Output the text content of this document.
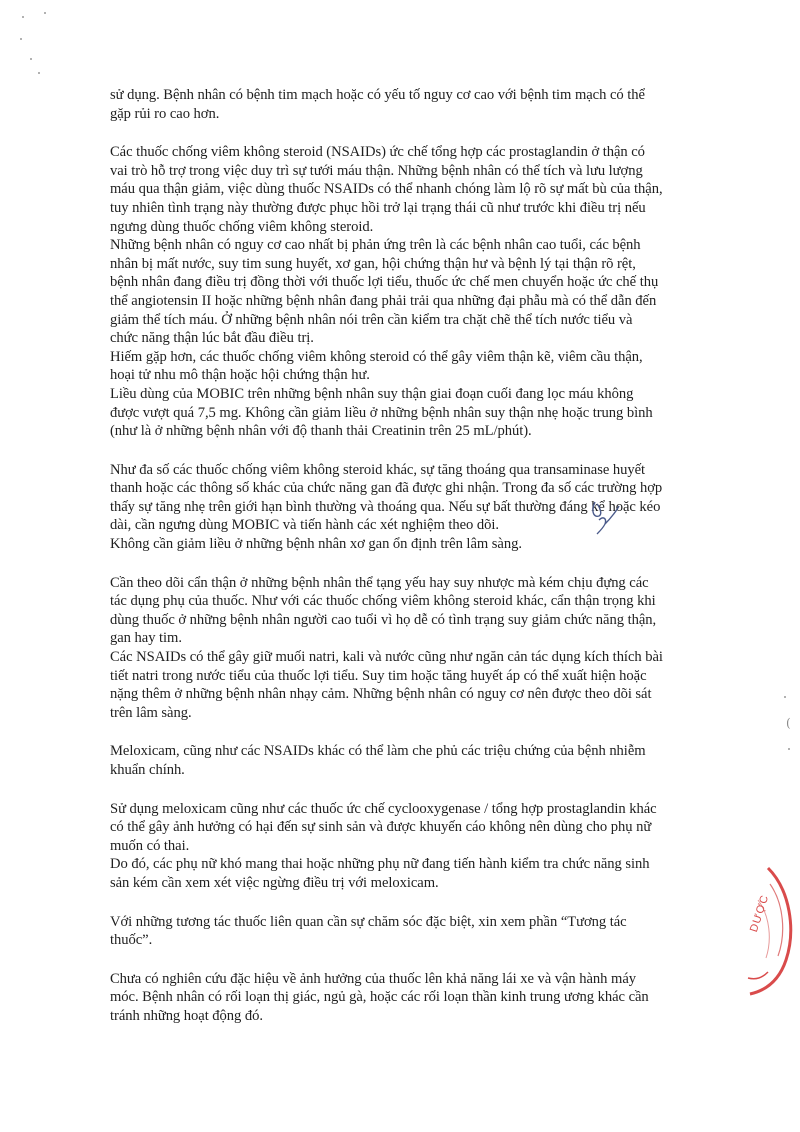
sử dụng. Bệnh nhân có bệnh tim mạch hoặc có yếu tố nguy cơ cao với bệnh tim mạch có thể
gặp rủi ro cao hơn.

Các thuốc chống viêm không steroid (NSAIDs) ức chế tổng hợp các prostaglandin ở thận có
vai trò hỗ trợ trong việc duy trì sự tưới máu thận. Những bệnh nhân có thể tích và lưu lượng
máu qua thận giảm, việc dùng thuốc NSAIDs có thể nhanh chóng làm lộ rõ sự mất bù của thận,
tuy nhiên tình trạng này thường được phục hồi trở lại trạng thái cũ như trước khi điều trị nếu
ngưng dùng thuốc chống viêm không steroid.
Những bệnh nhân có nguy cơ cao nhất bị phản ứng trên là các bệnh nhân cao tuổi, các bệnh
nhân bị mất nước, suy tim sung huyết, xơ gan, hội chứng thận hư và bệnh lý tại thận rõ rệt,
bệnh nhân đang điều trị đồng thời với thuốc lợi tiểu, thuốc ức chế men chuyển hoặc ức chế thụ
thể angiotensin II hoặc những bệnh nhân đang phải trải qua những đại phẫu mà có thể dẫn đến
giảm thể tích máu. Ở những bệnh nhân nói trên cần kiểm tra chặt chẽ thể tích nước tiểu và
chức năng thận lúc bắt đầu điều trị.
Hiếm gặp hơn, các thuốc chống viêm không steroid có thể gây viêm thận kẽ, viêm cầu thận,
hoại tử nhu mô thận hoặc hội chứng thận hư.
Liều dùng của MOBIC trên những bệnh nhân suy thận giai đoạn cuối đang lọc máu không
được vượt quá 7,5 mg. Không cần giảm liều ở những bệnh nhân suy thận nhẹ hoặc trung bình
(như là ở những bệnh nhân với độ thanh thải Creatinin trên 25 mL/phút).

Như đa số các thuốc chống viêm không steroid khác, sự tăng thoáng qua transaminase huyết
thanh hoặc các thông số khác của chức năng gan đã được ghi nhận. Trong đa số các trường hợp
thấy sự tăng nhẹ trên giới hạn bình thường và thoáng qua. Nếu sự bất thường đáng kể hoặc kéo
dài, cần ngưng dùng MOBIC và tiến hành các xét nghiệm theo dõi.
Không cần giảm liều ở những bệnh nhân xơ gan ổn định trên lâm sàng.

Cần theo dõi cẩn thận ở những bệnh nhân thể tạng yếu hay suy nhược mà kém chịu đựng các
tác dụng phụ của thuốc. Như với các thuốc chống viêm không steroid khác, cẩn thận trọng khi
dùng thuốc ở những bệnh nhân người cao tuổi vì họ dễ có tình trạng suy giảm chức năng thận,
gan hay tim.
Các NSAIDs có thể gây giữ muối natri, kali và nước cũng như ngăn cản tác dụng kích thích bài
tiết natri trong nước tiểu của thuốc lợi tiểu. Suy tim hoặc tăng huyết áp có thể xuất hiện hoặc
nặng thêm ở những bệnh nhân nhạy cảm. Những bệnh nhân có nguy cơ nên được theo dõi sát
trên lâm sàng.

Meloxicam, cũng như các NSAIDs khác có thể làm che phủ các triệu chứng của bệnh nhiễm
khuẩn chính.

Sử dụng meloxicam cũng như các thuốc ức chế cyclooxygenase / tổng hợp prostaglandin khác
có thể gây ảnh hưởng có hại đến sự sinh sản và được khuyến cáo không nên dùng cho phụ nữ
muốn có thai.
Do đó, các phụ nữ khó mang thai hoặc những phụ nữ đang tiến hành kiểm tra chức năng sinh
sản kém cần xem xét việc ngừng điều trị với meloxicam.

Với những tương tác thuốc liên quan cần sự chăm sóc đặc biệt, xin xem phần “Tương tác
thuốc”.

Chưa có nghiên cứu đặc hiệu về ảnh hưởng của thuốc lên khả năng lái xe và vận hành máy
móc. Bệnh nhân có rối loạn thị giác, ngủ gà, hoặc các rối loạn thần kinh trung ương khác cần
tránh những hoạt động đó.

(
DƯỢC
